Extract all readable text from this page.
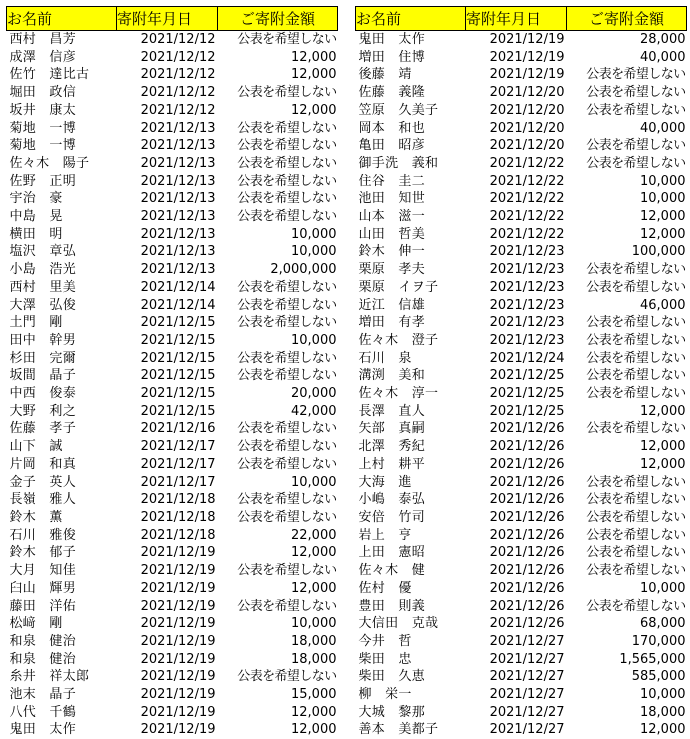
お名前	寄附年月日	ご寄附金額
西村　昌芳	2021/12/12	公表を希望しない
成澤　信彦	2021/12/12	12,000
佐竹　達比古	2021/12/12	12,000
堀田　政信	2021/12/12	公表を希望しない
坂井　康太	2021/12/12	12,000
菊地　一博	2021/12/13	公表を希望しない
菊地　一博	2021/12/13	公表を希望しない
佐々木　陽子	2021/12/13	公表を希望しない
佐野　正明	2021/12/13	公表を希望しない
宇治　豪	2021/12/13	公表を希望しない
中島　晃	2021/12/13	公表を希望しない
横田　明	2021/12/13	10,000
塩沢　章弘	2021/12/13	10,000
小島　浩光	2021/12/13	2,000,000
西村　里美	2021/12/14	公表を希望しない
大澤　弘俊	2021/12/14	公表を希望しない
土門　剛	2021/12/15	公表を希望しない
田中　幹男	2021/12/15	10,000
杉田　完爾	2021/12/15	公表を希望しない
坂間　晶子	2021/12/15	公表を希望しない
中西　俊泰	2021/12/15	20,000
大野　利之	2021/12/15	42,000
佐藤　孝子	2021/12/16	公表を希望しない
山下　誠	2021/12/17	公表を希望しない
片岡　和真	2021/12/17	公表を希望しない
金子　英人	2021/12/17	10,000
長嶺　雅人	2021/12/18	公表を希望しない
鈴木　薫	2021/12/18	公表を希望しない
石川　雅俊	2021/12/18	22,000
鈴木　郁子	2021/12/19	12,000
大月　知佳	2021/12/19	公表を希望しない
臼山　輝男	2021/12/19	12,000
藤田　洋佑	2021/12/19	公表を希望しない
松﨑　剛	2021/12/19	10,000
和泉　健治	2021/12/19	18,000
和泉　健治	2021/12/19	18,000
糸井　祥太郎	2021/12/19	公表を希望しない
池末　晶子	2021/12/19	15,000
八代　千鶴	2021/12/19	12,000
鬼田　太作	2021/12/19	12,000
お名前	寄附年月日	ご寄附金額
鬼田　太作	2021/12/19	28,000
増田　住博	2021/12/19	40,000
後藤　靖	2021/12/19	公表を希望しない
佐藤　義隆	2021/12/20	公表を希望しない
笠原　久美子	2021/12/20	公表を希望しない
岡本　和也	2021/12/20	40,000
亀田　昭彦	2021/12/20	公表を希望しない
御手洗　義和	2021/12/22	公表を希望しない
住谷　圭二	2021/12/22	10,000
池田　知世	2021/12/22	10,000
山本　滋一	2021/12/22	12,000
山田　哲美	2021/12/22	12,000
鈴木　伸一	2021/12/23	100,000
栗原　孝夫	2021/12/23	公表を希望しない
栗原　イヲ子	2021/12/23	公表を希望しない
近江　信雄	2021/12/23	46,000
増田　有孝	2021/12/23	公表を希望しない
佐々木　澄子	2021/12/23	公表を希望しない
石川　泉	2021/12/24	公表を希望しない
溝渕　美和	2021/12/25	公表を希望しない
佐々木　淳一	2021/12/25	公表を希望しない
長澤　直人	2021/12/25	12,000
矢部　真嗣	2021/12/26	公表を希望しない
北澤　秀紀	2021/12/26	12,000
上村　耕平	2021/12/26	12,000
大海　進	2021/12/26	公表を希望しない
小嶋　泰弘	2021/12/26	公表を希望しない
安倍　竹司	2021/12/26	公表を希望しない
岩上　亨	2021/12/26	公表を希望しない
上田　憲昭	2021/12/26	公表を希望しない
佐々木　健	2021/12/26	公表を希望しない
佐村　優	2021/12/26	10,000
豊田　則義	2021/12/26	公表を希望しない
大信田　克哉	2021/12/26	68,000
今井　哲	2021/12/27	170,000
柴田　忠	2021/12/27	1,565,000
柴田　久恵	2021/12/27	585,000
柳　栄一	2021/12/27	10,000
大城　黎那	2021/12/27	18,000
善本　美都子	2021/12/27	12,000
